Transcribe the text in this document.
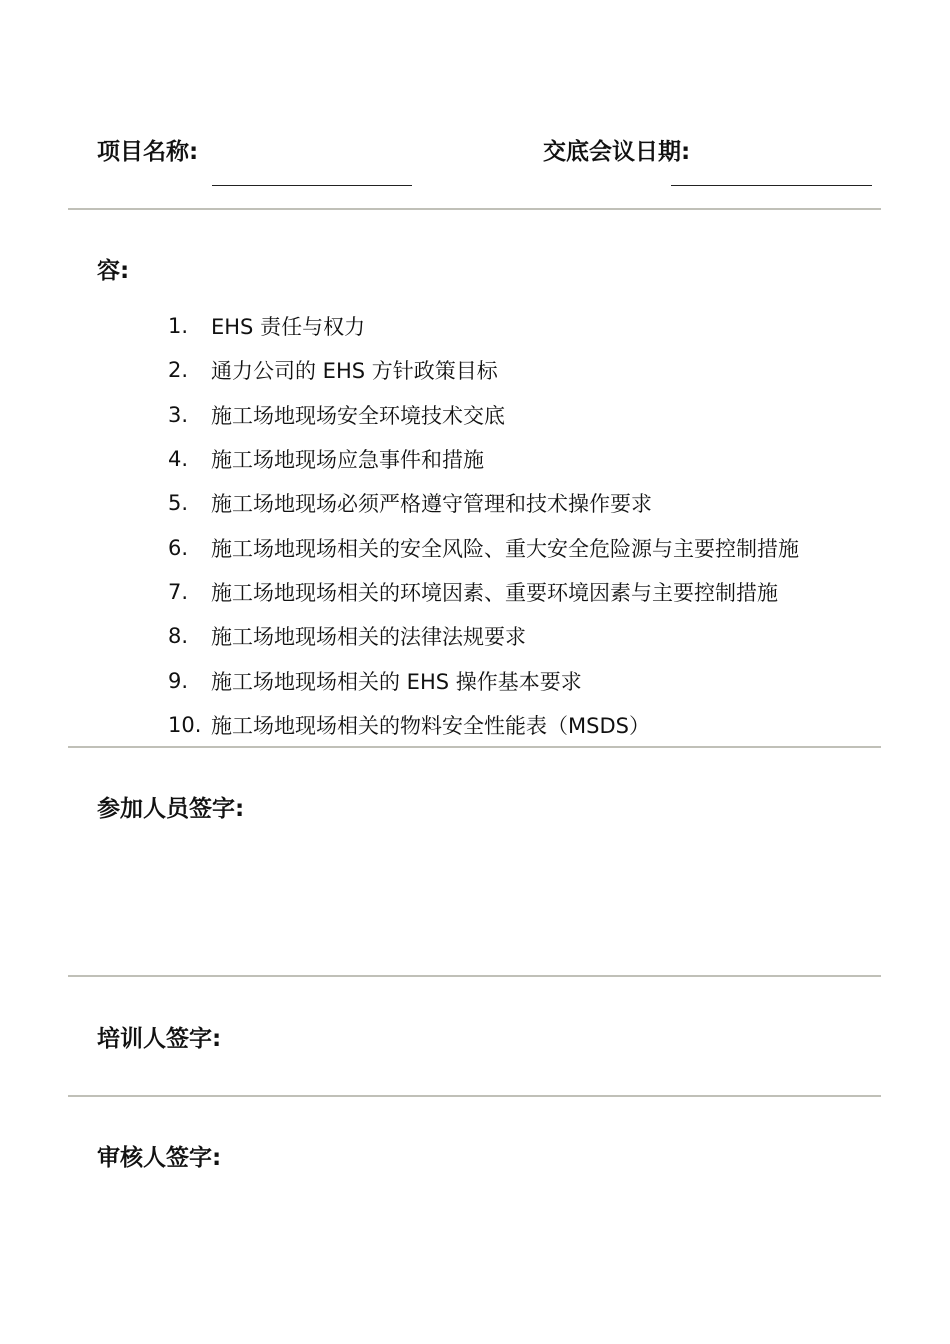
项目名称:	交底会议日期:
容:
1.	EHS 责任与权力
2.	通力公司的 EHS 方针政策目标
3.	施工场地现场安全环境技术交底
4.	施工场地现场应急事件和措施
5.	施工场地现场必须严格遵守管理和技术操作要求
6.	施工场地现场相关的安全风险、重大安全危险源与主要控制措施
7.	施工场地现场相关的环境因素、重要环境因素与主要控制措施
8.	施工场地现场相关的法律法规要求
9.	施工场地现场相关的 EHS 操作基本要求
10. 施工场地现场相关的物料安全性能表（MSDS）
参加人员签字:
培训人签字:
审核人签字:
